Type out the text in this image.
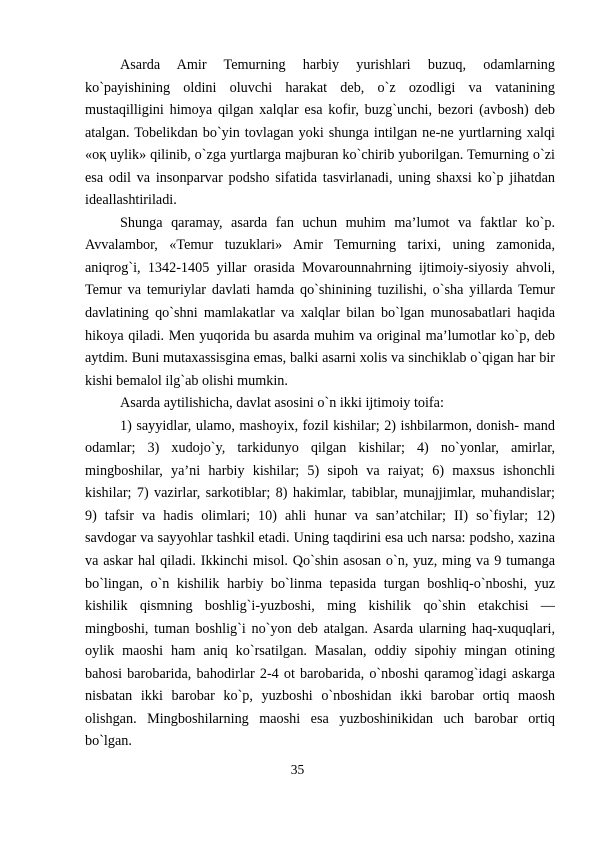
Asarda Amir Temurning harbiy yurishlari buzuq, odamlarning ko`payishining oldini oluvchi harakat deb, o`z ozodligi va vatanining mustaqilligini himoya qilgan xalqlar esa kofir, buzg`unchi, bezori (avbosh) deb atalgan. Tobelikdan bo`yin tovlagan yoki shunga intilgan ne-ne yurtlarning xalqi «oқ uylik» qilinib, o`zga yurtlarga majburan ko`chirib yuborilgan. Temurning o`zi esa odil va insonparvar podsho sifatida tasvirlanadi, uning shaxsi ko`p jihatdan ideallashtiriladi.

Shunga qaramay, asarda fan uchun muhim ma’lumot va faktlar ko`p. Avvalambor, «Temur tuzuklari» Amir Temurning tarixi, uning zamonida, aniqrog`i, 1342-1405 yillar orasida Movarounnahrning ijtimoiy-siyosiy ahvoli, Temur va temuriylar davlati hamda qo`shinining tuzilishi, o`sha yillarda Temur davlatining qo`shni mamlakatlar va xalqlar bilan bo`lgan munosabatlari haqida hikoya qiladi. Men yuqorida bu asarda muhim va original ma’lumotlar ko`p, deb aytdim. Buni mutaxassisgina emas, balki asarni xolis va sinchiklab o`qigan har bir kishi bemalol ilg`ab olishi mumkin.

Asarda aytilishicha, davlat asosini o`n ikki ijtimoiy toifa:

1) sayyidlar, ulamo, mashoyix, fozil kishilar; 2) ishbilarmon, donish- mand odamlar; 3) xudojo`y, tarkidunyo qilgan kishilar; 4) no`yonlar, amirlar, mingboshilar, ya’ni harbiy kishilar; 5) sipoh va raiyat; 6) maxsus ishonchli kishilar; 7) vazirlar, sarkotiblar; 8) hakimlar, tabiblar, munajjimlar, muhandislar; 9) tafsir va hadis olimlari; 10) ahli hunar va san’atchilar; II) so`fiylar; 12) savdogar va sayyohlar tashkil etadi. Uning taqdirini esa uch narsa: podsho, xazina va askar hal qiladi. Ikkinchi misol. Qo`shin asosan o`n, yuz, ming va 9 tumanga bo`lingan, o`n kishilik harbiy bo`linma tepasida turgan boshliq-o`nboshi, yuz kishilik qismning boshlig`i-yuzboshi, ming kishilik qo`shin etakchisi — mingboshi, tuman boshlig`i no`yon deb atalgan. Asarda ularning haq-xuquqlari, oylik maoshi ham aniq ko`rsatilgan. Masalan, oddiy sipohiy mingan otining bahosi barobarida, bahodirlar 2-4 ot barobarida, o`nboshi qaramog`idagi askarga nisbatan ikki barobar ko`p, yuzboshi o`nboshidan ikki barobar ortiq maosh olishgan. Mingboshilarning maoshi esa yuzboshinikidan uch barobar ortiq bo`lgan.

35
